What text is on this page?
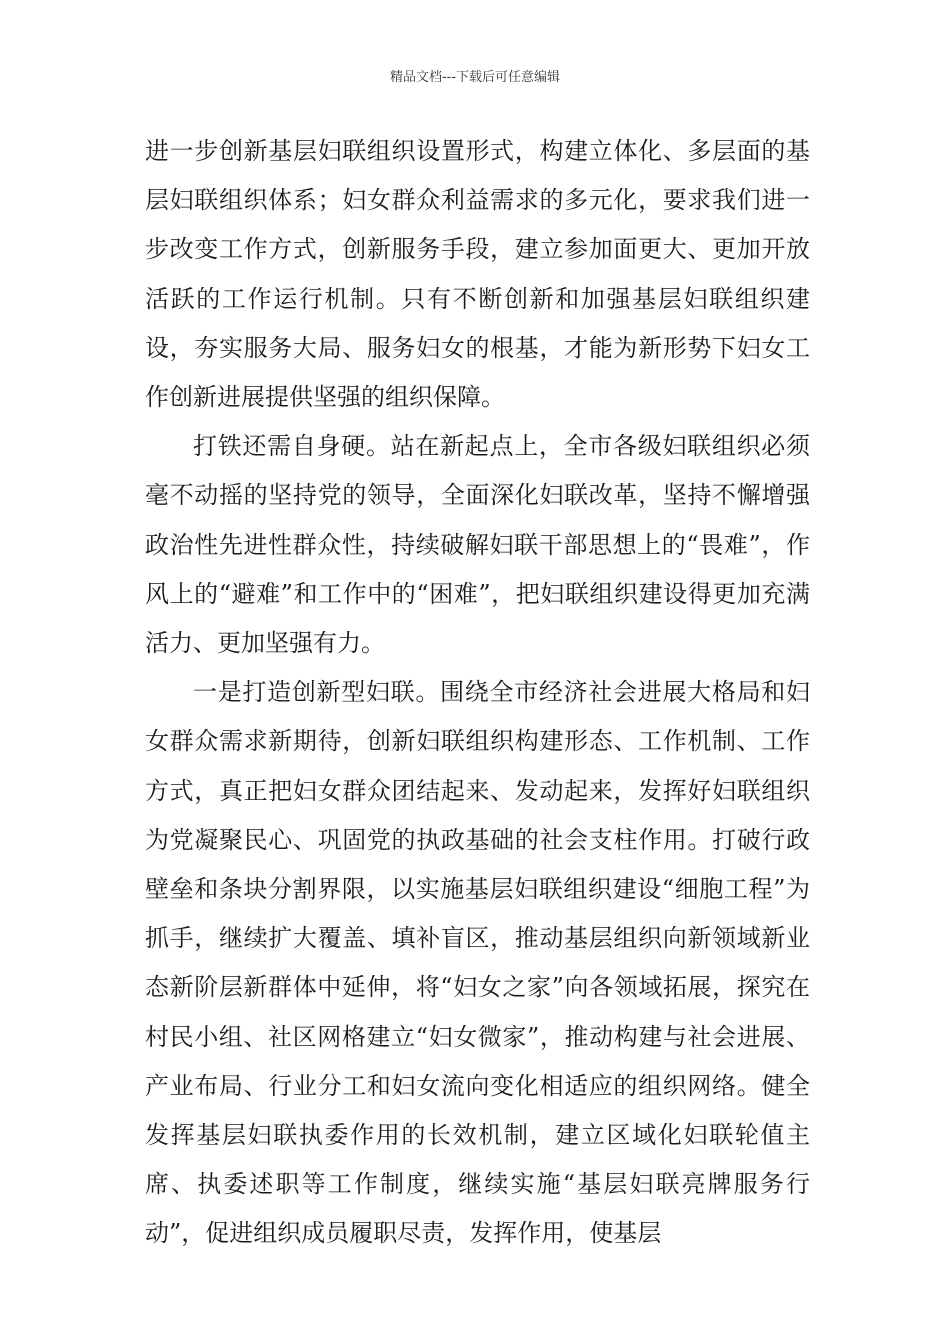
精品文档---下载后可任意编辑

进一步创新基层妇联组织设置形式，构建立体化、多层面的基层妇联组织体系；妇女群众利益需求的多元化，要求我们进一步改变工作方式，创新服务手段，建立参加面更大、更加开放活跃的工作运行机制。只有不断创新和加强基层妇联组织建设，夯实服务大局、服务妇女的根基，才能为新形势下妇女工作创新进展提供坚强的组织保障。

打铁还需自身硬。站在新起点上，全市各级妇联组织必须毫不动摇的坚持党的领导，全面深化妇联改革，坚持不懈增强政治性先进性群众性，持续破解妇联干部思想上的“畏难”，作风上的“避难”和工作中的“困难”，把妇联组织建设得更加充满活力、更加坚强有力。

一是打造创新型妇联。围绕全市经济社会进展大格局和妇女群众需求新期待，创新妇联组织构建形态、工作机制、工作方式，真正把妇女群众团结起来、发动起来，发挥好妇联组织为党凝聚民心、巩固党的执政基础的社会支柱作用。打破行政壁垒和条块分割界限，以实施基层妇联组织建设“细胞工程”为抓手，继续扩大覆盖、填补盲区，推动基层组织向新领域新业态新阶层新群体中延伸，将“妇女之家”向各领域拓展，探究在村民小组、社区网格建立“妇女微家”，推动构建与社会进展、产业布局、行业分工和妇女流向变化相适应的组织网络。健全发挥基层妇联执委作用的长效机制，建立区域化妇联轮值主席、执委述职等工作制度，继续实施“基层妇联亮牌服务行动”，促进组织成员履职尽责，发挥作用，使基层
